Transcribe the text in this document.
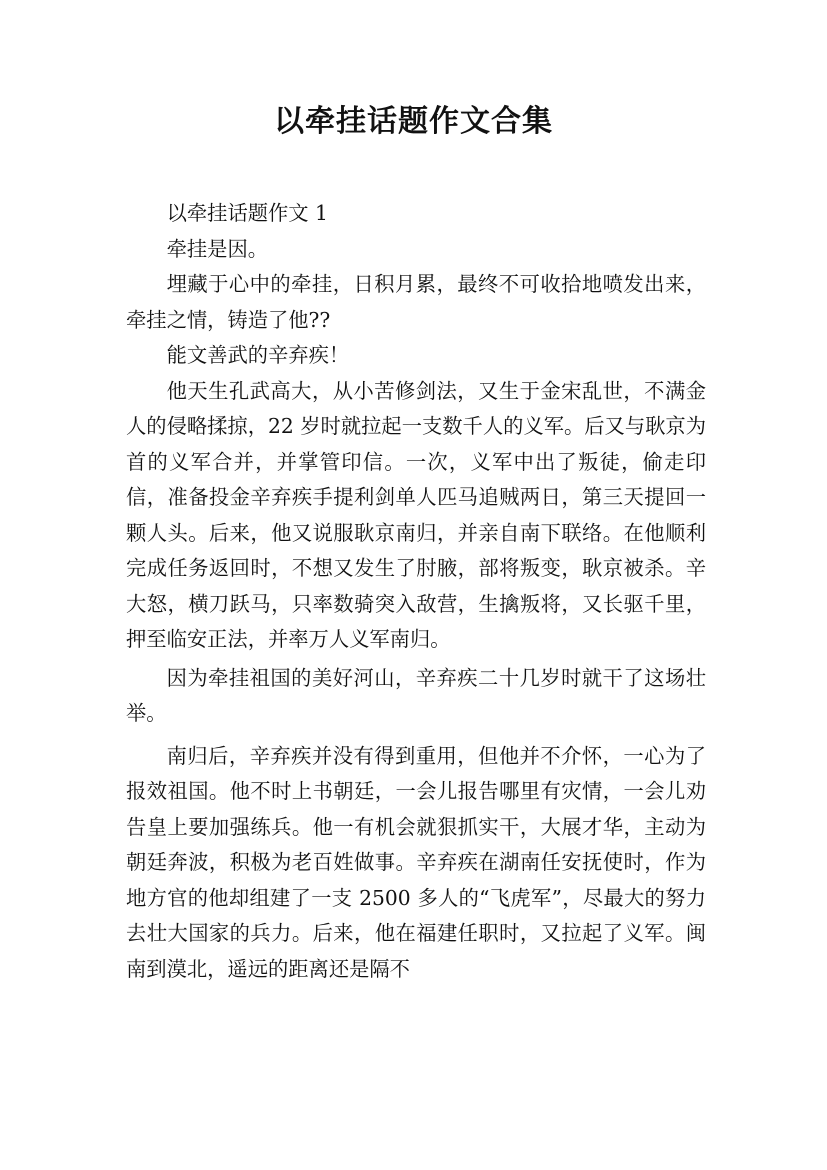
以牵挂话题作文合集

以牵挂话题作文 1

牵挂是因。

埋藏于心中的牵挂，日积月累，最终不可收拾地喷发出来，牵挂之情，铸造了他??

能文善武的辛弃疾！

他天生孔武高大，从小苦修剑法，又生于金宋乱世，不满金人的侵略揉掠，22 岁时就拉起一支数千人的义军。后又与耿京为首的义军合并，并掌管印信。一次，义军中出了叛徒，偷走印信，准备投金辛弃疾手提利剑单人匹马追贼两日，第三天提回一颗人头。后来，他又说服耿京南归，并亲自南下联络。在他顺利完成任务返回时，不想又发生了肘腋，部将叛变，耿京被杀。辛大怒，横刀跃马，只率数骑突入敌营，生擒叛将，又长驱千里，押至临安正法，并率万人义军南归。

因为牵挂祖国的美好河山，辛弃疾二十几岁时就干了这场壮举。

南归后，辛弃疾并没有得到重用，但他并不介怀，一心为了报效祖国。他不时上书朝廷，一会儿报告哪里有灾情，一会儿劝告皇上要加强练兵。他一有机会就狠抓实干，大展才华，主动为朝廷奔波，积极为老百姓做事。辛弃疾在湖南任安抚使时，作为地方官的他却组建了一支 2500 多人的“飞虎军”，尽最大的努力去壮大国家的兵力。后来，他在福建任职时，又拉起了义军。闽南到漠北，遥远的距离还是隔不
